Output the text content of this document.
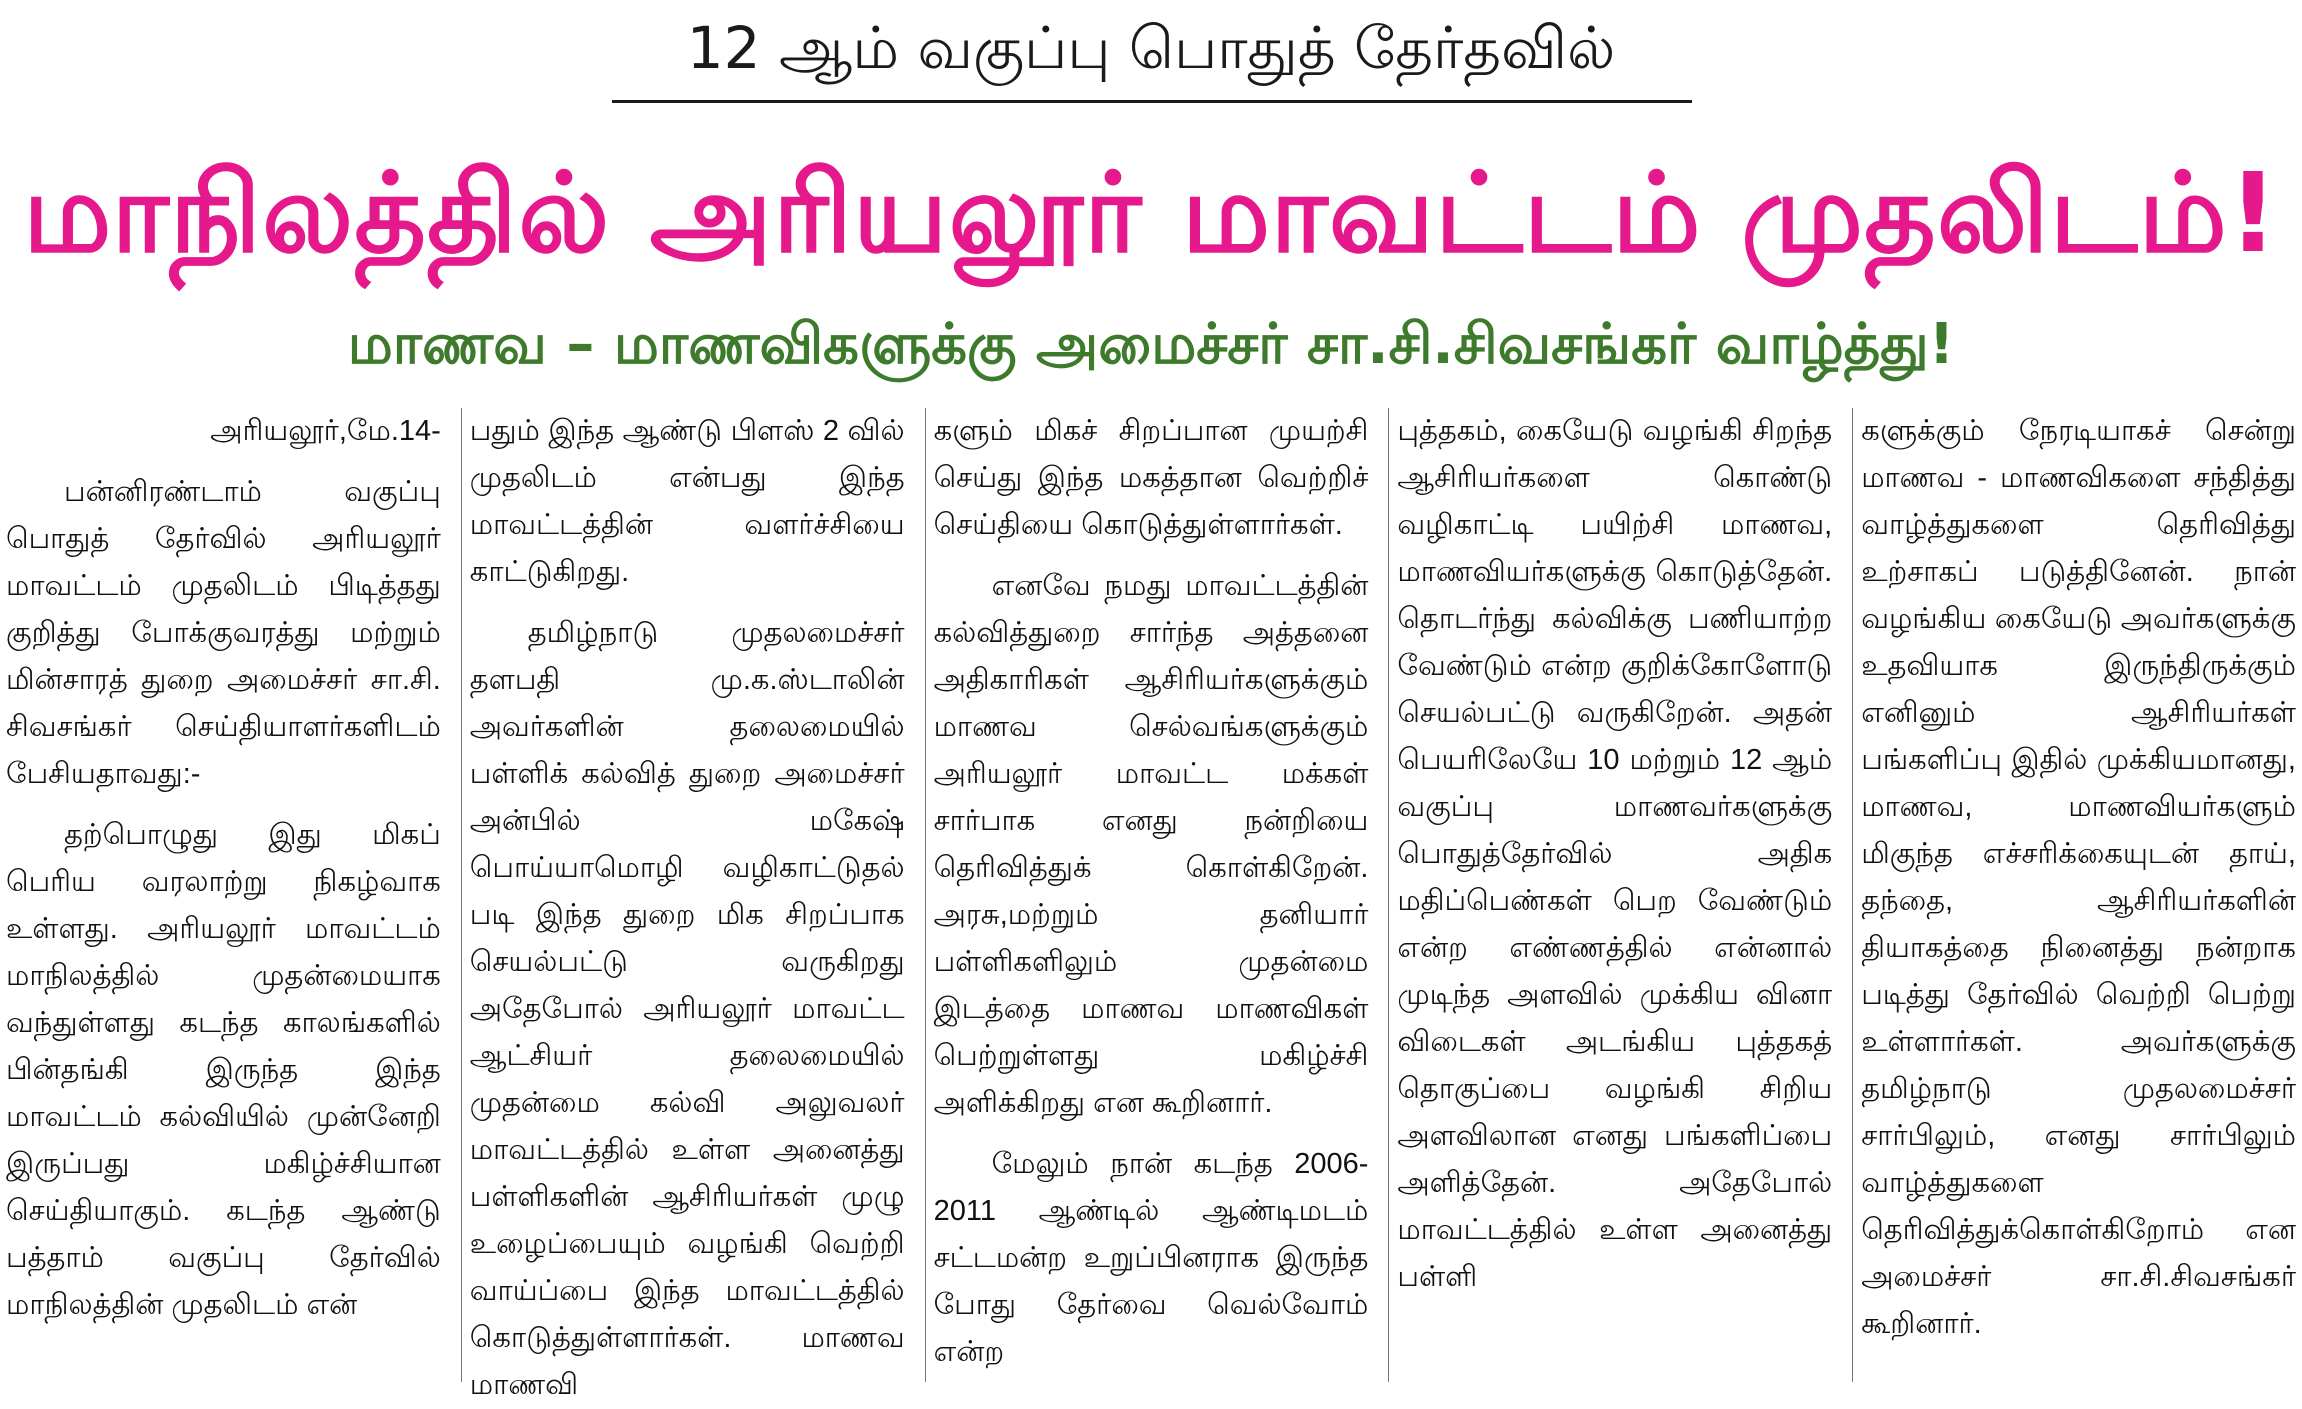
12 ஆம் வகுப்பு பொதுத் தேர்தவில்
மாநிலத்தில் அரியலூர் மாவட்டம் முதலிடம்!
மாணவ – மாணவிகளுக்கு அமைச்சர் சா.சி.சிவசங்கர் வாழ்த்து!

அரியலூர்,மே.14-

பன்னிரண்டாம் வகுப்பு பொதுத் தேர்வில் அரியலூர் மாவட்டம் முதலிடம் பிடித்தது குறித்து போக்குவரத்து மற்றும் மின்சாரத் துறை அமைச்சர் சா.சி. சிவசங்கர் செய்தியாளர்களிடம் பேசியதாவது:-

தற்பொழுது இது மிகப் பெரிய வரலாற்று நிகழ்வாக உள்ளது. அரியலூர் மாவட்டம் மாநிலத்தில் முதன்மையாக வந்துள்ளது கடந்த காலங்களில் பின்தங்கி இருந்த இந்த மாவட்டம் கல்வியில் முன்னேறி இருப்பது மகிழ்ச்சியான செய்தியாகும். கடந்த ஆண்டு பத்தாம் வகுப்பு தேர்வில் மாநிலத்தின் முதலிடம் என்

பதும் இந்த ஆண்டு பிளஸ் 2 வில் முதலிடம் என்பது இந்த மாவட்டத்தின் வளர்ச்சியை காட்டுகிறது.

தமிழ்நாடு முதலமைச்சர் தளபதி மு.க.ஸ்டாலின் அவர்களின் தலைமையில் பள்ளிக் கல்வித் துறை அமைச்சர் அன்பில் மகேஷ் பொய்யாமொழி வழிகாட்டுதல் படி இந்த துறை மிக சிறப்பாக செயல்பட்டு வருகிறது அதேபோல் அரியலூர் மாவட்ட ஆட்சியர் தலைமையில் முதன்மை கல்வி அலுவலர் மாவட்டத்தில் உள்ள அனைத்து பள்ளிகளின் ஆசிரியர்கள் முழு உழைப்பையும் வழங்கி வெற்றி வாய்ப்பை இந்த மாவட்டத்தில் கொடுத்துள்ளார்கள். மாணவ மாணவி

களும் மிகச் சிறப்பான முயற்சி செய்து இந்த மகத்தான வெற்றிச் செய்தியை கொடுத்துள்ளார்கள்.

எனவே நமது மாவட்டத்தின் கல்வித்துறை சார்ந்த அத்தனை அதிகாரிகள் ஆசிரியர்களுக்கும் மாணவ செல்வங்களுக்கும் அரியலூர் மாவட்ட மக்கள் சார்பாக எனது நன்றியை தெரிவித்துக் கொள்கிறேன். அரசு,மற்றும் தனியார் பள்ளிகளிலும் முதன்மை இடத்தை மாணவ மாணவிகள் பெற்றுள்ளது மகிழ்ச்சி அளிக்கிறது என கூறினார்.

மேலும் நான் கடந்த 2006-2011 ஆண்டில் ஆண்டிமடம் சட்டமன்ற உறுப்பினராக இருந்த போது தேர்வை வெல்வோம் என்ற

புத்தகம், கையேடு வழங்கி சிறந்த ஆசிரியர்களை கொண்டு வழிகாட்டி பயிற்சி மாணவ, மாணவியர்களுக்கு கொடுத்தேன். தொடர்ந்து கல்விக்கு பணியாற்ற வேண்டும் என்ற குறிக்கோளோடு செயல்பட்டு வருகிறேன். அதன் பெயரிலேயே 10 மற்றும் 12 ஆம் வகுப்பு மாணவர்களுக்கு பொதுத்தேர்வில் அதிக மதிப்பெண்கள் பெற வேண்டும் என்ற எண்ணத்தில் என்னால் முடிந்த அளவில் முக்கிய வினா விடைகள் அடங்கிய புத்தகத் தொகுப்பை வழங்கி சிறிய அளவிலான எனது பங்களிப்பை அளித்தேன். அதேபோல் மாவட்டத்தில் உள்ள அனைத்து பள்ளி

களுக்கும் நேரடியாகச் சென்று மாணவ - மாணவிகளை சந்தித்து வாழ்த்துகளை தெரிவித்து உற்சாகப் படுத்தினேன். நான் வழங்கிய கையேடு அவர்களுக்கு உதவியாக இருந்திருக்கும் எனினும் ஆசிரியர்கள் பங்களிப்பு இதில் முக்கியமானது, மாணவ, மாணவியர்களும் மிகுந்த எச்சரிக்கையுடன் தாய், தந்தை, ஆசிரியர்களின் தியாகத்தை நினைத்து நன்றாக படித்து தேர்வில் வெற்றி பெற்று உள்ளார்கள். அவர்களுக்கு தமிழ்நாடு முதலமைச்சர் சார்பிலும், எனது சார்பிலும் வாழ்த்துகளை தெரிவித்துக்கொள்கிறோம் என அமைச்சர் சா.சி.சிவசங்கர் கூறினார்.
